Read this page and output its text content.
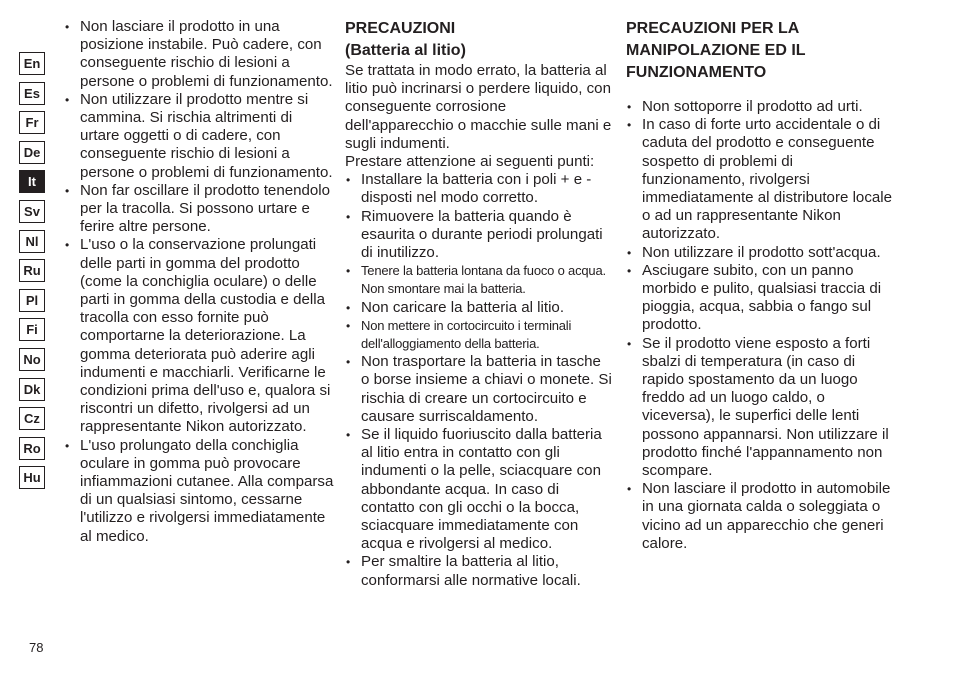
En
Es
Fr
De
It
Sv
Nl
Ru
Pl
Fi
No
Dk
Cz
Ro
Hu
• Non lasciare il prodotto in una posizione instabile. Può cadere, con conseguente rischio di lesioni a persone o problemi di funzionamento.
• Non utilizzare il prodotto mentre si cammina. Si rischia altrimenti di urtare oggetti o di cadere, con conseguente rischio di lesioni a persone o problemi di funzionamento.
• Non far oscillare il prodotto tenendolo per la tracolla. Si possono urtare e ferire altre persone.
• L'uso o la conservazione prolungati delle parti in gomma del prodotto (come la conchiglia oculare) o delle parti in gomma della custodia e della tracolla con esso fornite può comportarne la deteriorazione. La gomma deteriorata può aderire agli indumenti e macchiarli. Verificarne le condizioni prima dell'uso e, qualora si riscontri un difetto, rivolgersi ad un rappresentante Nikon autorizzato.
• L'uso prolungato della conchiglia oculare in gomma può provocare infiammazioni cutanee. Alla comparsa di un qualsiasi sintomo, cessarne l'utilizzo e rivolgersi immediatamente al medico.
PRECAUZIONI
(Batteria al litio)

Se trattata in modo errato, la batteria al litio può incrinarsi o perdere liquido, con conseguente corrosione dell'apparecchio o macchie sulle mani e sugli indumenti.

Prestare attenzione ai seguenti punti:

• Installare la batteria con i poli + e - disposti nel modo corretto.
• Rimuovere la batteria quando è esaurita o durante periodi prolungati di inutilizzo.
• Tenere la batteria lontana da fuoco o acqua. Non smontare mai la batteria.
• Non caricare la batteria al litio.
• Non mettere in cortocircuito i terminali dell'alloggiamento della batteria.
• Non trasportare la batteria in tasche o borse insieme a chiavi o monete. Si rischia di creare un cortocircuito e causare surriscaldamento.
• Se il liquido fuoriuscito dalla batteria al litio entra in contatto con gli indumenti o la pelle, sciacquare con abbondante acqua. In caso di contatto con gli occhi o la bocca, sciacquare immediatamente con acqua e rivolgersi al medico.
• Per smaltire la batteria al litio, conformarsi alle normative locali.
PRECAUZIONI PER LA
MANIPOLAZIONE ED IL
FUNZIONAMENTO
• Non sottoporre il prodotto ad urti.
• In caso di forte urto accidentale o di caduta del prodotto e conseguente sospetto di problemi di funzionamento, rivolgersi immediatamente al distributore locale o ad un rappresentante Nikon autorizzato.
• Non utilizzare il prodotto sott'acqua.
• Asciugare subito, con un panno morbido e pulito, qualsiasi traccia di pioggia, acqua, sabbia o fango sul prodotto.
• Se il prodotto viene esposto a forti sbalzi di temperatura (in caso di rapido spostamento da un luogo freddo ad un luogo caldo, o viceversa), le superfici delle lenti possono appannarsi. Non utilizzare il prodotto finché l'appannamento non scompare.
• Non lasciare il prodotto in automobile in una giornata calda o soleggiata o vicino ad un apparecchio che generi calore.
78
